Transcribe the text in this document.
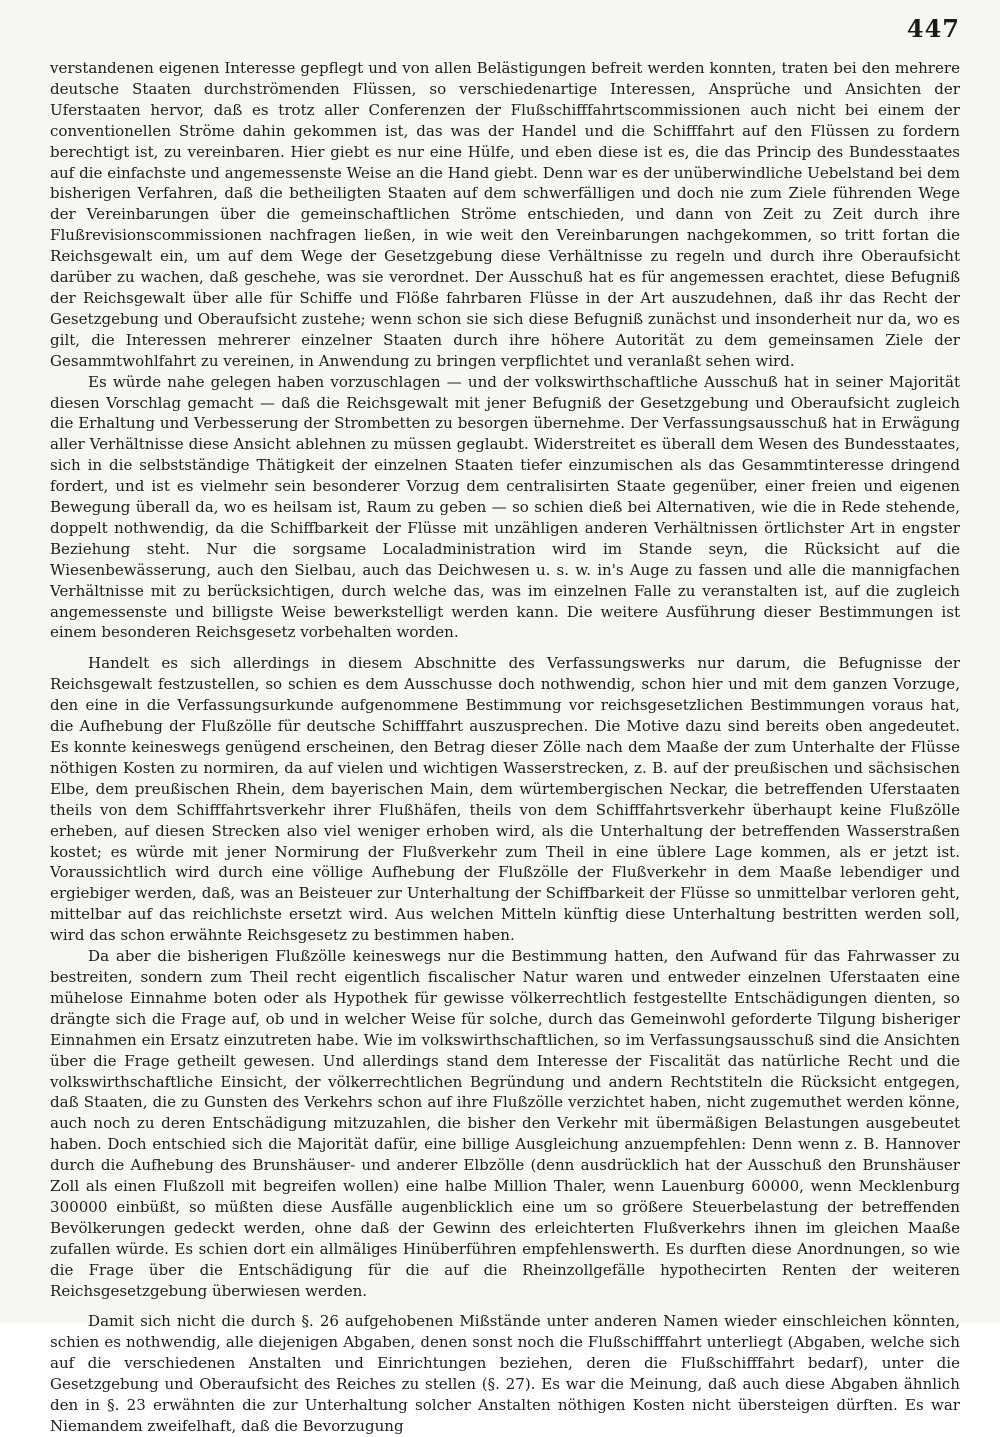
447

verstandenen eigenen Interesse gepflegt und von allen Belästigungen befreit werden konnten, traten bei den mehrere deutsche Staaten durchströmenden Flüssen, so verschiedenartige Interessen, Ansprüche und Ansichten der Uferstaaten hervor, daß es trotz aller Conferenzen der Flußschifffahrtscommissionen auch nicht bei einem der conventionellen Ströme dahin gekommen ist, das was der Handel und die Schifffahrt auf den Flüssen zu fordern berechtigt ist, zu vereinbaren. Hier giebt es nur eine Hülfe, und eben diese ist es, die das Princip des Bundesstaates auf die einfachste und angemessenste Weise an die Hand giebt. Denn war es der unüberwindliche Uebelstand bei dem bisherigen Verfahren, daß die betheiligten Staaten auf dem schwerfälligen und doch nie zum Ziele führenden Wege der Vereinbarungen über die gemeinschaftlichen Ströme entschieden, und dann von Zeit zu Zeit durch ihre Flußrevisionscommissionen nachfragen ließen, in wie weit den Vereinbarungen nachgekommen, so tritt fortan die Reichsgewalt ein, um auf dem Wege der Gesetzgebung diese Verhältnisse zu regeln und durch ihre Oberaufsicht darüber zu wachen, daß geschehe, was sie verordnet. Der Ausschuß hat es für angemessen erachtet, diese Befugniß der Reichsgewalt über alle für Schiffe und Flöße fahrbaren Flüsse in der Art auszudehnen, daß ihr das Recht der Gesetzgebung und Oberaufsicht zustehe; wenn schon sie sich diese Befugniß zunächst und insonderheit nur da, wo es gilt, die Interessen mehrerer einzelner Staaten durch ihre höhere Autorität zu dem gemeinsamen Ziele der Gesammtwohlfahrt zu vereinen, in Anwendung zu bringen verpflichtet und veranlaßt sehen wird.

Es würde nahe gelegen haben vorzuschlagen — und der volkswirthschaftliche Ausschuß hat in seiner Majorität diesen Vorschlag gemacht — daß die Reichsgewalt mit jener Befugniß der Gesetzgebung und Oberaufsicht zugleich die Erhaltung und Verbesserung der Strombetten zu besorgen übernehme. Der Verfassungsausschuß hat in Erwägung aller Verhältnisse diese Ansicht ablehnen zu müssen geglaubt. Widerstreitet es überall dem Wesen des Bundesstaates, sich in die selbstständige Thätigkeit der einzelnen Staaten tiefer einzumischen als das Gesammtinteresse dringend fordert, und ist es vielmehr sein besonderer Vorzug dem centralisirten Staate gegenüber, einer freien und eigenen Bewegung überall da, wo es heilsam ist, Raum zu geben — so schien dieß bei Alternativen, wie die in Rede stehende, doppelt nothwendig, da die Schiffbarkeit der Flüsse mit unzähligen anderen Verhältnissen örtlichster Art in engster Beziehung steht. Nur die sorgsame Localadministration wird im Stande seyn, die Rücksicht auf die Wiesenbewässerung, auch den Sielbau, auch das Deichwesen u. s. w. in's Auge zu fassen und alle die mannigfachen Verhältnisse mit zu berücksichtigen, durch welche das, was im einzelnen Falle zu veranstalten ist, auf die zugleich angemessenste und billigste Weise bewerkstelligt werden kann. Die weitere Ausführung dieser Bestimmungen ist einem besonderen Reichsgesetz vorbehalten worden.

Handelt es sich allerdings in diesem Abschnitte des Verfassungswerks nur darum, die Befugnisse der Reichsgewalt festzustellen, so schien es dem Ausschusse doch nothwendig, schon hier und mit dem ganzen Vorzuge, den eine in die Verfassungsurkunde aufgenommene Bestimmung vor reichsgesetzlichen Bestimmungen voraus hat, die Aufhebung der Flußzölle für deutsche Schifffahrt auszusprechen. Die Motive dazu sind bereits oben angedeutet. Es konnte keineswegs genügend erscheinen, den Betrag dieser Zölle nach dem Maaße der zum Unterhalte der Flüsse nöthigen Kosten zu normiren, da auf vielen und wichtigen Wasserstrecken, z. B. auf der preußischen und sächsischen Elbe, dem preußischen Rhein, dem bayerischen Main, dem würtembergischen Neckar, die betreffenden Uferstaaten theils von dem Schifffahrtsverkehr ihrer Flußhäfen, theils von dem Schifffahrtsverkehr überhaupt keine Flußzölle erheben, auf diesen Strecken also viel weniger erhoben wird, als die Unterhaltung der betreffenden Wasserstraßen kostet; es würde mit jener Normirung der Flußverkehr zum Theil in eine üblere Lage kommen, als er jetzt ist. Voraussichtlich wird durch eine völlige Aufhebung der Flußzölle der Flußverkehr in dem Maaße lebendiger und ergiebiger werden, daß, was an Beisteuer zur Unterhaltung der Schiffbarkeit der Flüsse so unmittelbar verloren geht, mittelbar auf das reichlichste ersetzt wird. Aus welchen Mitteln künftig diese Unterhaltung bestritten werden soll, wird das schon erwähnte Reichsgesetz zu bestimmen haben.

Da aber die bisherigen Flußzölle keineswegs nur die Bestimmung hatten, den Aufwand für das Fahrwasser zu bestreiten, sondern zum Theil recht eigentlich fiscalischer Natur waren und entweder einzelnen Uferstaaten eine mühelose Einnahme boten oder als Hypothek für gewisse völkerrechtlich festgestellte Entschädigungen dienten, so drängte sich die Frage auf, ob und in welcher Weise für solche, durch das Gemeinwohl geforderte Tilgung bisheriger Einnahmen ein Ersatz einzutreten habe. Wie im volkswirthschaftlichen, so im Verfassungsausschuß sind die Ansichten über die Frage getheilt gewesen. Und allerdings stand dem Interesse der Fiscalität das natürliche Recht und die volkswirthschaftliche Einsicht, der völkerrechtlichen Begründung und andern Rechtstiteln die Rücksicht entgegen, daß Staaten, die zu Gunsten des Verkehrs schon auf ihre Flußzölle verzichtet haben, nicht zugemuthet werden könne, auch noch zu deren Entschädigung mitzuzahlen, die bisher den Verkehr mit übermäßigen Belastungen ausgebeutet haben. Doch entschied sich die Majorität dafür, eine billige Ausgleichung anzuempfehlen: Denn wenn z. B. Hannover durch die Aufhebung des Brunshäuser- und anderer Elbzölle (denn ausdrücklich hat der Ausschuß den Brunshäuser Zoll als einen Flußzoll mit begreifen wollen) eine halbe Million Thaler, wenn Lauenburg 60000, wenn Mecklenburg 300000 einbüßt, so müßten diese Ausfälle augenblicklich eine um so größere Steuerbelastung der betreffenden Bevölkerungen gedeckt werden, ohne daß der Gewinn des erleichterten Flußverkehrs ihnen im gleichen Maaße zufallen würde. Es schien dort ein allmäliges Hinüberführen empfehlenswerth. Es durften diese Anordnungen, so wie die Frage über die Entschädigung für die auf die Rheinzollgefälle hypothecirten Renten der weiteren Reichsgesetzgebung überwiesen werden.

Damit sich nicht die durch §. 26 aufgehobenen Mißstände unter anderen Namen wieder einschleichen könnten, schien es nothwendig, alle diejenigen Abgaben, denen sonst noch die Flußschifffahrt unterliegt (Abgaben, welche sich auf die verschiedenen Anstalten und Einrichtungen beziehen, deren die Flußschifffahrt bedarf), unter die Gesetzgebung und Oberaufsicht des Reiches zu stellen (§. 27). Es war die Meinung, daß auch diese Abgaben ähnlich den in §. 23 erwähnten die zur Unterhaltung solcher Anstalten nöthigen Kosten nicht übersteigen dürften. Es war Niemandem zweifelhaft, daß die Bevorzugung
